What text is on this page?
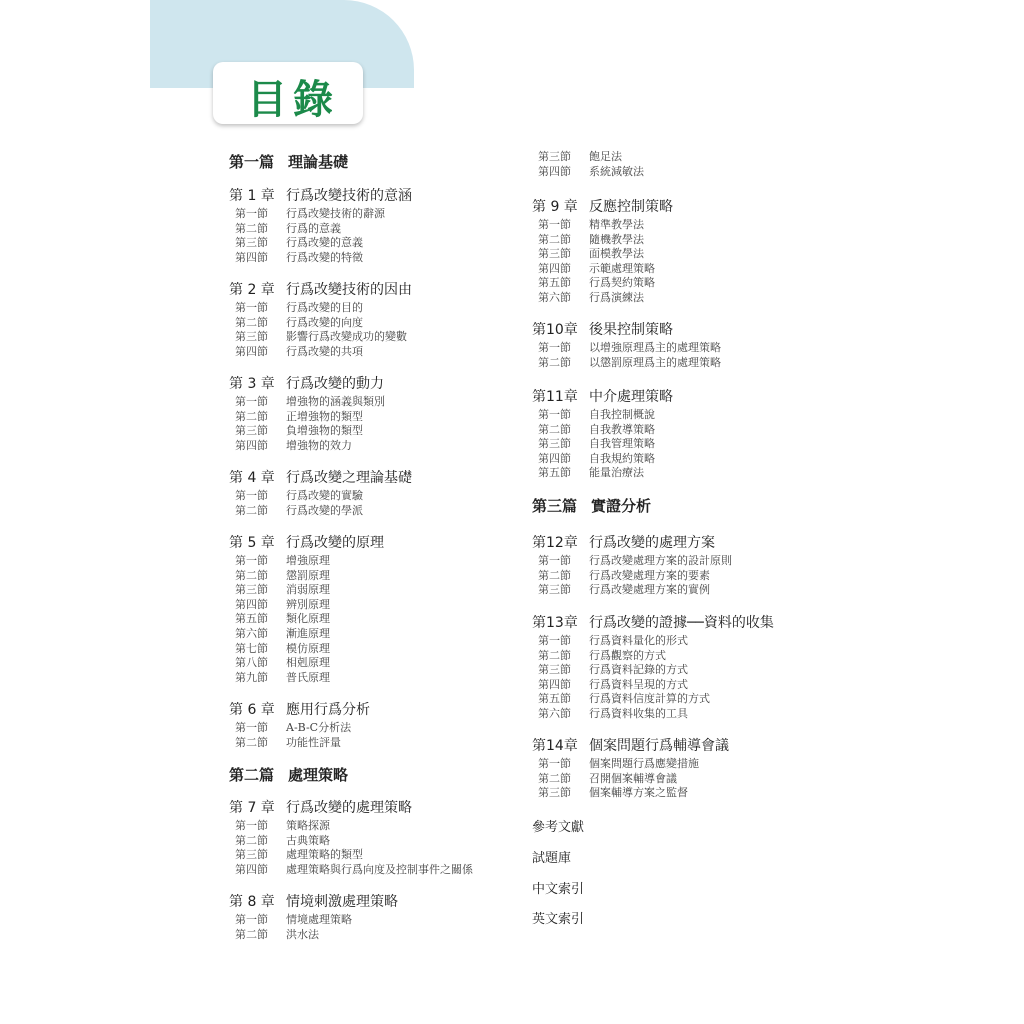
目錄
第一篇 理論基礎
第 1 章 行爲改變技術的意涵
第一節 行爲改變技術的辭源
第二節 行爲的意義
第三節 行爲改變的意義
第四節 行爲改變的特徵
第 2 章 行爲改變技術的因由
第一節 行爲改變的目的
第二節 行爲改變的向度
第三節 影響行爲改變成功的變數
第四節 行爲改變的共項
第 3 章 行爲改變的動力
第一節 增強物的涵義與類別
第二節 正增強物的類型
第三節 負增強物的類型
第四節 增強物的效力
第 4 章 行爲改變之理論基礎
第一節 行爲改變的實驗
第二節 行爲改變的學派
第 5 章 行爲改變的原理
第一節 增強原理
第二節 懲罰原理
第三節 消弱原理
第四節 辨別原理
第五節 類化原理
第六節 漸進原理
第七節 模仿原理
第八節 相剋原理
第九節 普氏原理
第 6 章 應用行爲分析
第一節 A-B-C分析法
第二節 功能性評量
第二篇 處理策略
第 7 章 行爲改變的處理策略
第一節 策略探源
第二節 古典策略
第三節 處理策略的類型
第四節 處理策略與行爲向度及控制事件之關係
第 8 章 情境刺激處理策略
第一節 情境處理策略
第二節 洪水法
第三節 飽足法
第四節 系統減敏法
第 9 章 反應控制策略
第一節 精準教學法
第二節 隨機教學法
第三節 面模教學法
第四節 示範處理策略
第五節 行爲契約策略
第六節 行爲演練法
第10章 後果控制策略
第一節 以增強原理爲主的處理策略
第二節 以懲罰原理爲主的處理策略
第11章 中介處理策略
第一節 自我控制概說
第二節 自我教導策略
第三節 自我管理策略
第四節 自我規約策略
第五節 能量治療法
第三篇 實證分析
第12章 行爲改變的處理方案
第一節 行爲改變處理方案的設計原則
第二節 行爲改變處理方案的要素
第三節 行爲改變處理方案的實例
第13章 行爲改變的證據──資料的收集
第一節 行爲資料量化的形式
第二節 行爲觀察的方式
第三節 行爲資料記錄的方式
第四節 行爲資料呈現的方式
第五節 行爲資料信度計算的方式
第六節 行爲資料收集的工具
第14章 個案問題行爲輔導會議
第一節 個案問題行爲應變措施
第二節 召開個案輔導會議
第三節 個案輔導方案之監督
參考文獻
試題庫
中文索引
英文索引
